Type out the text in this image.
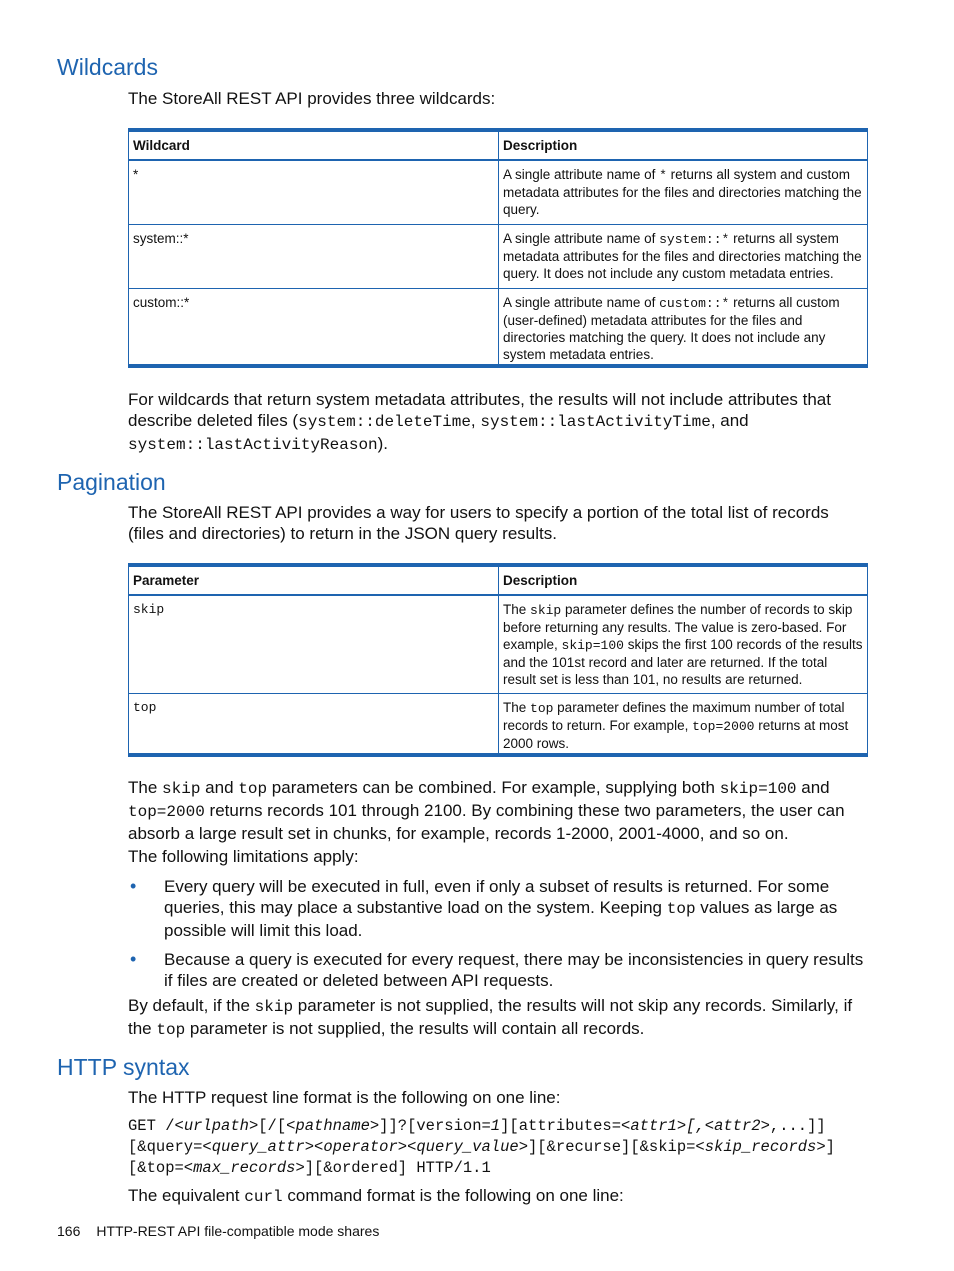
Wildcards

The StoreAll REST API provides three wildcards:

Wildcard	Description
*	A single attribute name of * returns all system and custom metadata attributes for the files and directories matching the query.
system::*	A single attribute name of system::* returns all system metadata attributes for the files and directories matching the query. It does not include any custom metadata entries.
custom::*	A single attribute name of custom::* returns all custom (user-defined) metadata attributes for the files and directories matching the query. It does not include any system metadata entries.

For wildcards that return system metadata attributes, the results will not include attributes that describe deleted files (system::deleteTime, system::lastActivityTime, and system::lastActivityReason).

Pagination

The StoreAll REST API provides a way for users to specify a portion of the total list of records (files and directories) to return in the JSON query results.

Parameter	Description
skip	The skip parameter defines the number of records to skip before returning any results. The value is zero-based. For example, skip=100 skips the first 100 records of the results and the 101st record and later are returned. If the total result set is less than 101, no results are returned.
top	The top parameter defines the maximum number of total records to return. For example, top=2000 returns at most 2000 rows.

The skip and top parameters can be combined. For example, supplying both skip=100 and top=2000 returns records 101 through 2100. By combining these two parameters, the user can absorb a large result set in chunks, for example, records 1-2000, 2001-4000, and so on.

The following limitations apply:

• Every query will be executed in full, even if only a subset of results is returned. For some queries, this may place a substantive load on the system. Keeping top values as large as possible will limit this load.
• Because a query is executed for every request, there may be inconsistencies in query results if files are created or deleted between API requests.

By default, if the skip parameter is not supplied, the results will not skip any records. Similarly, if the top parameter is not supplied, the results will contain all records.

HTTP syntax

The HTTP request line format is the following on one line:

GET /<urlpath>[/[<pathname>]]?[version=1][attributes=<attr1>[,<attr2>,...]]
[&query=<query_attr><operator><query_value>][&recurse][&skip=<skip_records>]
[&top=<max_records>][&ordered] HTTP/1.1

The equivalent curl command format is the following on one line:

166 HTTP-REST API file-compatible mode shares
